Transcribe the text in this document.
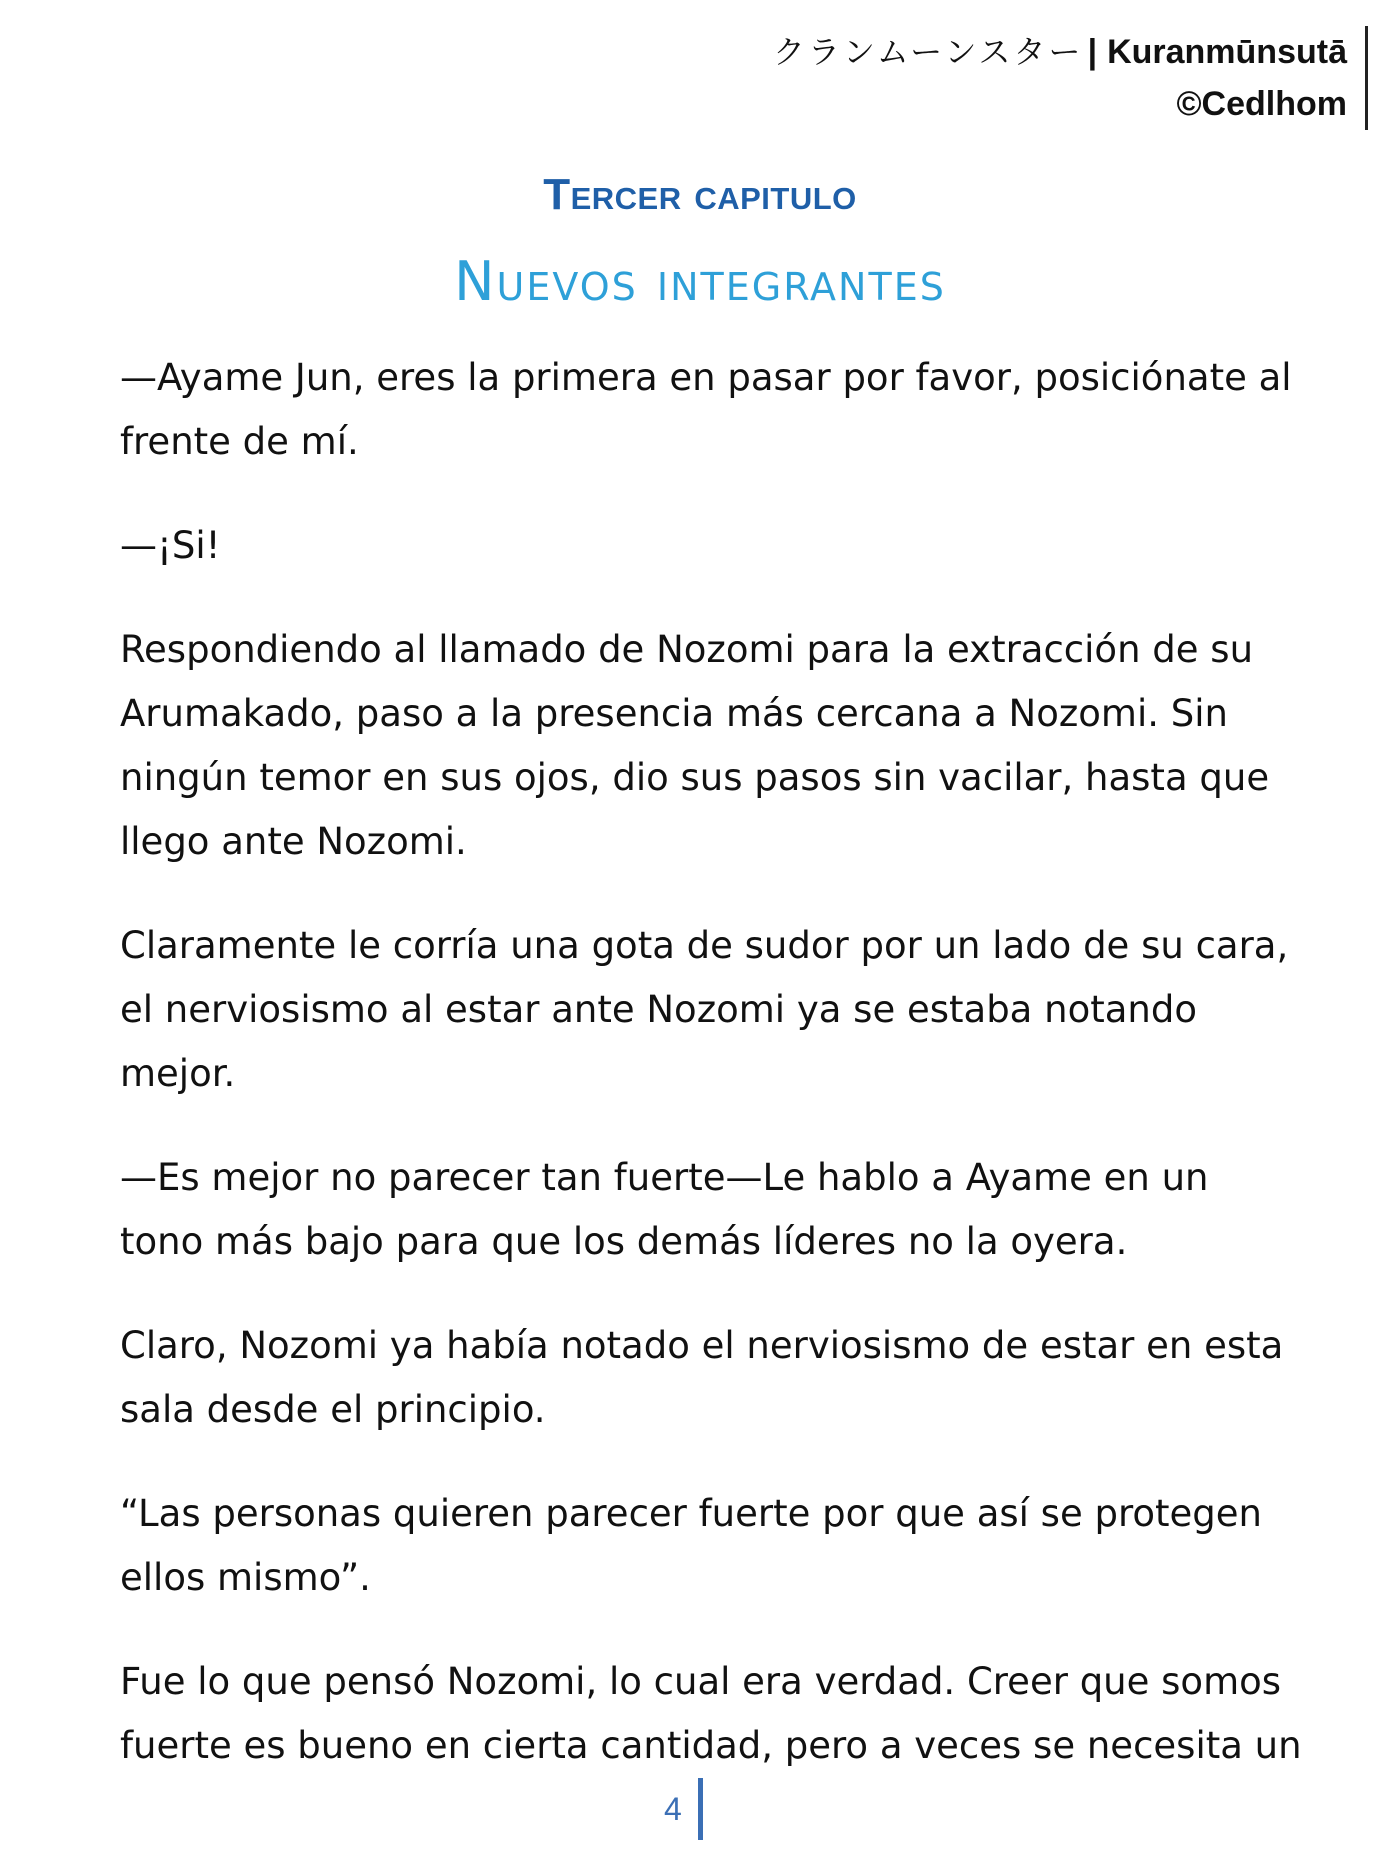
クランムーンスター | Kuranmūnsutā
©Cedlhom
Tercer capitulo
Nuevos integrantes

—Ayame Jun, eres la primera en pasar por favor, posiciónate al frente de mí.

—¡Si!

Respondiendo al llamado de Nozomi para la extracción de su Arumakado, paso a la presencia más cercana a Nozomi. Sin ningún temor en sus ojos, dio sus pasos sin vacilar, hasta que llego ante Nozomi.

Claramente le corría una gota de sudor por un lado de su cara, el nerviosismo al estar ante Nozomi ya se estaba notando mejor.

—Es mejor no parecer tan fuerte—Le hablo a Ayame en un tono más bajo para que los demás líderes no la oyera.

Claro, Nozomi ya había notado el nerviosismo de estar en esta sala desde el principio.

“Las personas quieren parecer fuerte por que así se protegen ellos mismo”.

Fue lo que pensó Nozomi, lo cual era verdad. Creer que somos fuerte es bueno en cierta cantidad, pero a veces se necesita un

4
